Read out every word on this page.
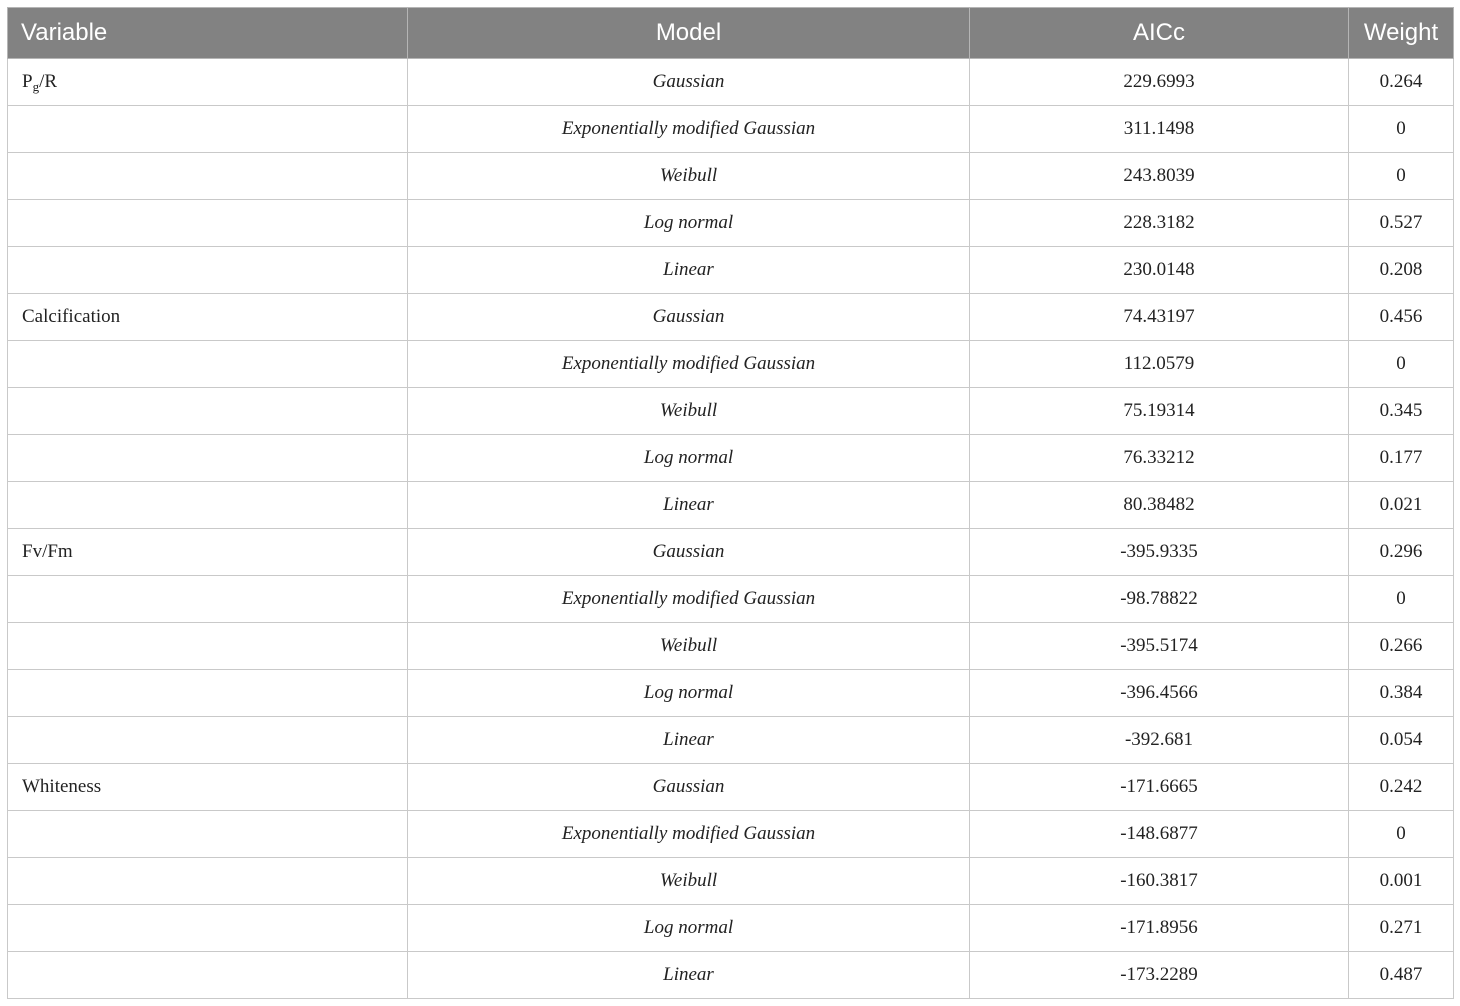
Variable	Model	AICc	Weight
$P_g/R$	Gaussian	229.6993	0.264
	Exponentially modified Gaussian	311.1498	0
	Weibull	243.8039	0
	Log normal	228.3182	0.527
	Linear	230.0148	0.208
Calcification	Gaussian	74.43197	0.456
	Exponentially modified Gaussian	112.0579	0
	Weibull	75.19314	0.345
	Log normal	76.33212	0.177
	Linear	80.38482	0.021
Fv/Fm	Gaussian	-395.9335	0.296
	Exponentially modified Gaussian	-98.78822	0
	Weibull	-395.5174	0.266
	Log normal	-396.4566	0.384
	Linear	-392.681	0.054
Whiteness	Gaussian	-171.6665	0.242
	Exponentially modified Gaussian	-148.6877	0
	Weibull	-160.3817	0.001
	Log normal	-171.8956	0.271
	Linear	-173.2289	0.487
